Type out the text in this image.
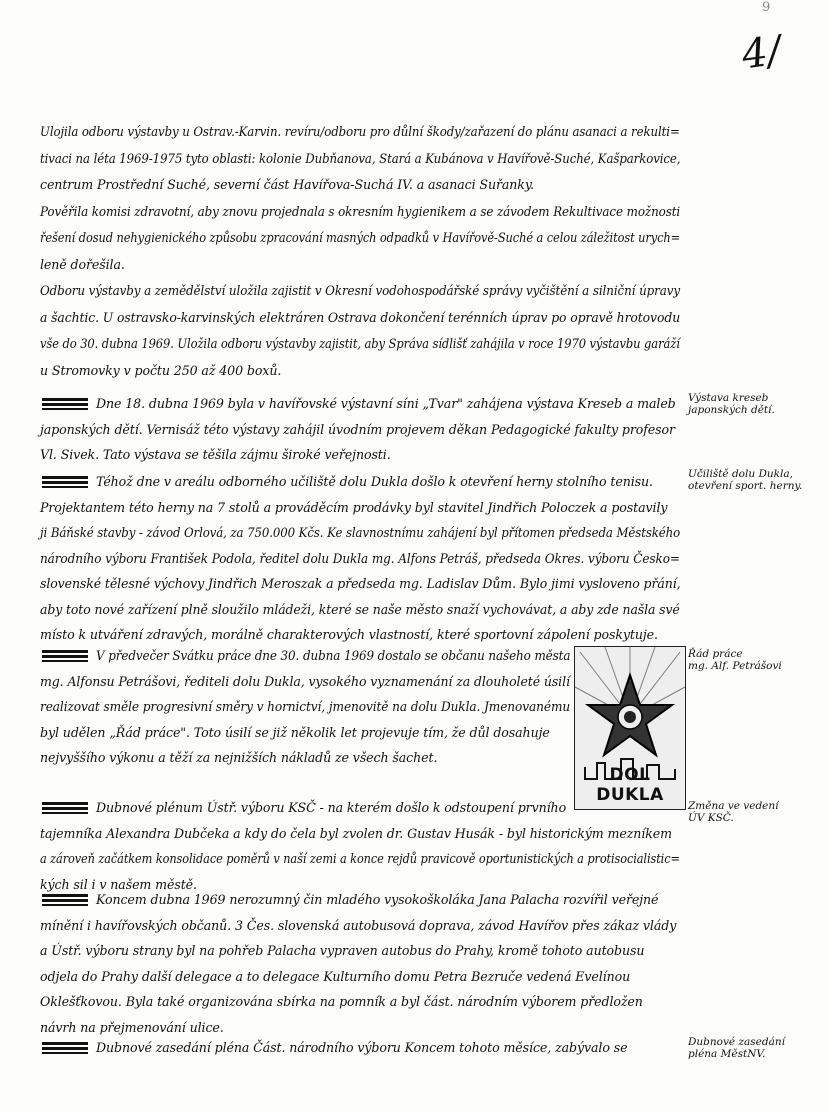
9
4/
Ulojila odboru výstavby u Ostrav.-Karvin. revíru/odboru pro důlní škody/zařazení do plánu asanaci a rekulti=
tivaci na léta 1969-1975 tyto oblasti: kolonie Dubňanova, Stará a Kubánova v Havířově-Suché, Kašparkovice,
centrum Prostřední Suché, severní část Havířova-Suchá IV. a asanaci Suřanky.
Pověřila komisi zdravotní, aby znovu projednala s okresním hygienikem a se závodem Rekultivace možnosti
řešení dosud nehygienického způsobu zpracování masných odpadků v Havířově-Suché a celou záležitost urych=
leně dořešila.
Odboru výstavby a zemědělství uložila zajistit v Okresní vodohospodářské správy vyčištění a silniční úpravy
a šachtic. U ostravsko-karvinských elektráren Ostrava dokončení terénních úprav po opravě hrotovodu
vše do 30. dubna 1969. Uložila odboru výstavby zajistit, aby Správa sídlišť zahájila v roce 1970 výstavbu garáží
u Stromovky v počtu 250 až 400 boxů.
Dne 18. dubna 1969 byla v havířovské výstavní síni „Tvar" zahájena výstava Kreseb a maleb
japonských dětí. Vernisáž této výstavy zahájil úvodním projevem děkan Pedagogické fakulty profesor
Vl. Sivek. Tato výstava se těšila zájmu široké veřejnosti.
Výstava kreseb
japonských dětí.
Téhož dne v areálu odborného učiliště dolu Dukla došlo k otevření herny stolního tenisu.
Projektantem této herny na 7 stolů a prováděcím prodávky byl stavitel Jindřich Poloczek a postavily
ji Báňské stavby - závod Orlová, za 750.000 Kčs. Ke slavnostnímu zahájení byl přítomen předseda Městského
národního výboru František Podola, ředitel dolu Dukla mg. Alfons Petráš, předseda Okres. výboru Česko=
slovenské tělesné výchovy Jindřich Meroszak a předseda mg. Ladislav Dům. Bylo jimi vysloveno přání,
aby toto nové zařízení plně sloužilo mládeži, které se naše město snaží vychovávat, a aby zde našla své
místo k utváření zdravých, morálně charakterových vlastností, které sportovní zápolení poskytuje.
Učiliště dolu Dukla,
otevření sport. herny.
V předvečer Svátku práce dne 30. dubna 1969 dostalo se občanu našeho města
mg. Alfonsu Petrášovi, řediteli dolu Dukla, vysokého vyznamenání za dlouholeté úsilí
realizovat směle progresivní směry v hornictví, jmenovitě na dolu Dukla. Jmenovanému
byl udělen „Řád práce". Toto úsilí se již několik let projevuje tím, že důl dosahuje
nejvyššího výkonu a těží za nejnižších nákladů ze všech šachet.
Řád práce
mg. Alf. Petrášovi
Dubnové plénum Ústř. výboru KSČ - na kterém došlo k odstoupení prvního
tajemníka Alexandra Dubčeka a kdy do čela byl zvolen dr. Gustav Husák - byl historickým mezníkem
a zároveň začátkem konsolidace poměrů v naší zemi a konce rejdů pravicově oportunistických a protisocialistic=
kých sil i v našem městě.
Změna ve vedení
ÚV KSČ.
Koncem dubna 1969 nerozumný čin mladého vysokoškoláka Jana Palacha rozvířil veřejné
mínění i havířovských občanů. 3 Čes. slovenská autobusová doprava, závod Havířov přes zákaz vlády
a Ústř. výboru strany byl na pohřeb Palacha vypraven autobus do Prahy, kromě tohoto autobusu
odjela do Prahy další delegace a to delegace Kulturního domu Petra Bezruče vedená Evelínou
Oklešťkovou. Byla také organizována sbírka na pomník a byl část. národním výborem předložen
návrh na přejmenování ulice.
Dubnové zasedání pléna Část. národního výboru Koncem tohoto měsíce, zabývalo se	Dubnové zasedání
pléna MěstNV.
DOL DUKLA
